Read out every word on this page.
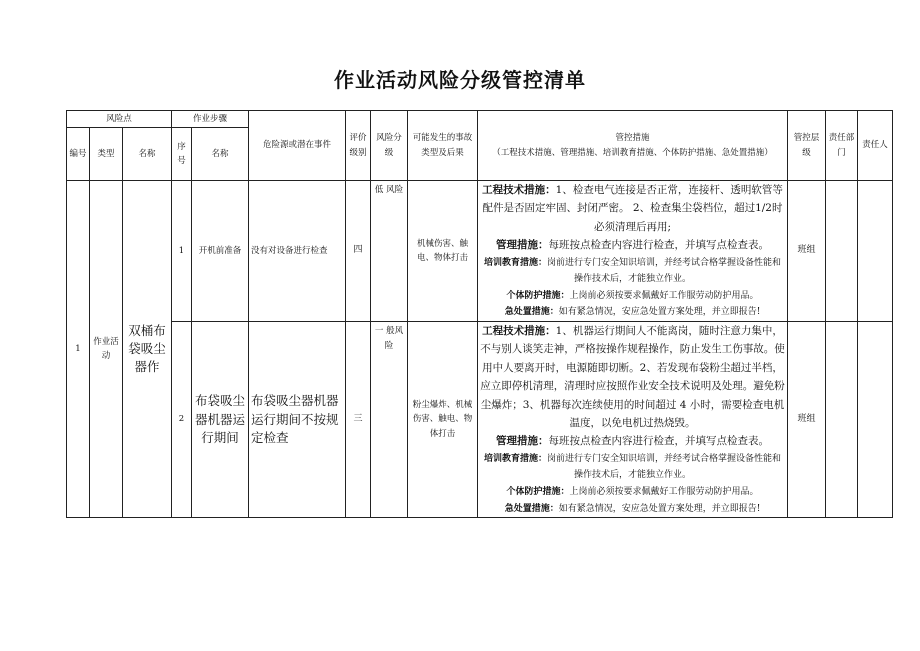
作业活动风险分级管控清单
风险点			作业步骤		危险源或潜在事件	评价级别	风险分级	可能发生的事故类型及后果	管控措施
（工程技术措施、管理措施、培训教育措施、个体防护措施、急处置措施）	管控层级	责任部门	责任人
编号	类型	名称	序号	名称								
1	作业活动	双桶布袋吸尘器作	1	开机前准备	没有对设备进行检查	四	低 风险	机械伤害、触电、物体打击	工程技术措施：1、检查电气连接是否正常，连接杆、透明软管等配件是否固定牢固、封闭严密。 2、检查集尘袋档位，超过1/2时必须清理后再用;
管理措施：每班按点检查内容进行检查，并填写点检查表。
培训教育措施：岗前进行专门安全知识培训，并经考试合格掌握设备性能和操作技术后，才能独立作业。
个体防护措施：上岗前必须按要求佩戴好工作服劳动防护用品。
急处置措施：如有紧急情况，安应急处置方案处理，并立即报告!	班组		
			2	布袋吸尘器机器运行期间	布袋吸尘器机器运行期间不按规定检查	三	一 般风险	粉尘爆炸、机械伤害、触电、物体打击	工程技术措施：1、机器运行期间人不能离岗，随时注意力集中，不与别人谈笑走神，严格按操作规程操作，防止发生工伤事故。使用中人要离开时，电源随即切断。2、若发现布袋粉尘超过半档，应立即停机清理，清理时应按照作业安全技术说明及处理。避免粉尘爆炸；3、机器每次连续使用的时间超过 4 小时，需要检查电机温度，以免电机过热烧毁。
管理措施：每班按点检查内容进行检查，并填写点检查表。
培训教育措施：岗前进行专门安全知识培训，并经考试合格掌握设备性能和操作技术后，才能独立作业。
个体防护措施：上岗前必须按要求佩戴好工作服劳动防护用品。
急处置措施：如有紧急情况，安应急处置方案处理，并立即报告!	班组		
